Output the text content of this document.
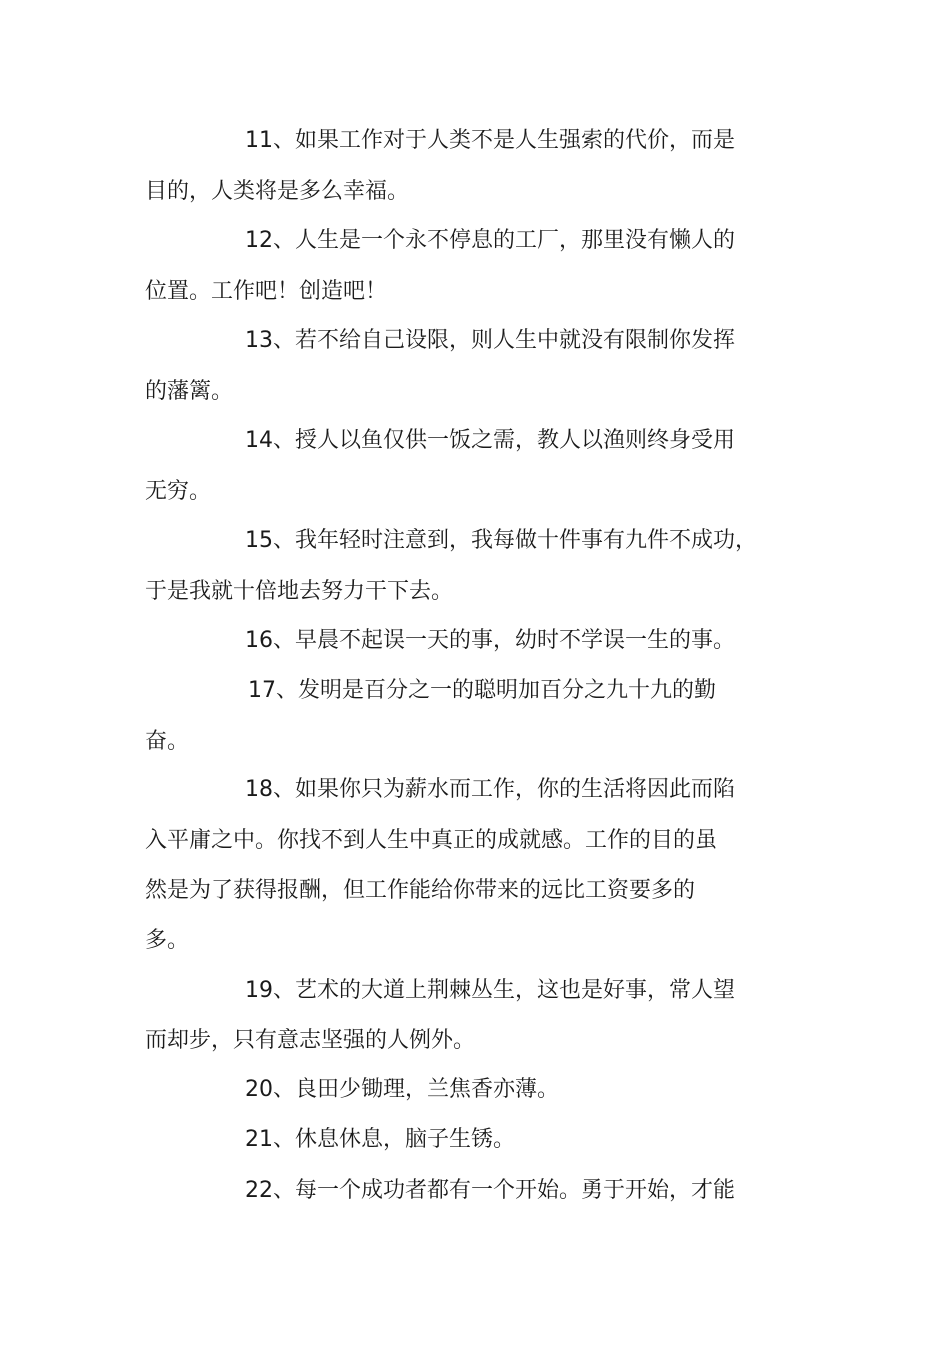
11、如果工作对于人类不是人生强索的代价，而是
目的，人类将是多么幸福。
12、人生是一个永不停息的工厂，那里没有懒人的
位置。工作吧！创造吧！
13、若不给自己设限，则人生中就没有限制你发挥
的藩篱。
14、授人以鱼仅供一饭之需，教人以渔则终身受用
无穷。
15、我年轻时注意到，我每做十件事有九件不成功，
于是我就十倍地去努力干下去。
16、早晨不起误一天的事，幼时不学误一生的事。
17、发明是百分之一的聪明加百分之九十九的勤
奋。
18、如果你只为薪水而工作，你的生活将因此而陷
入平庸之中。你找不到人生中真正的成就感。工作的目的虽
然是为了获得报酬，但工作能给你带来的远比工资要多的
多。
19、艺术的大道上荆棘丛生，这也是好事，常人望
而却步，只有意志坚强的人例外。
20、良田少锄理，兰焦香亦薄。
21、休息休息，脑子生锈。
22、每一个成功者都有一个开始。勇于开始，才能
